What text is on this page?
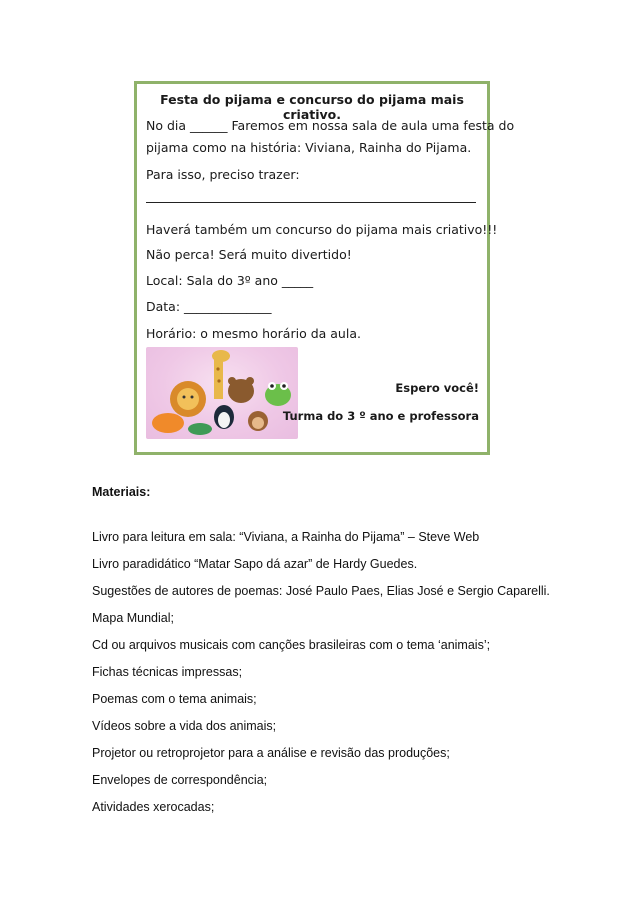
Festa do pijama e concurso do pijama mais criativo.
No dia ______ Faremos em nossa sala de aula uma festa do
pijama como na história: Viviana, Rainha do Pijama.
Para isso, preciso trazer:
Haverá também um concurso do pijama mais criativo!!!
Não perca! Será muito divertido!
Local: Sala do 3º ano _____
Data: ______________
Horário: o mesmo horário da aula.
Espero você!
Turma do 3 º ano e professora
Materiais:
Livro para leitura em sala: “Viviana, a Rainha do Pijama” – Steve Web
Livro paradidático “Matar Sapo dá azar” de Hardy Guedes.
Sugestões de autores de poemas: José Paulo Paes, Elias José e Sergio Caparelli.
Mapa Mundial;
Cd ou arquivos musicais com canções brasileiras com o tema ‘animais’;
Fichas técnicas impressas;
Poemas com o tema animais;
Vídeos sobre a vida dos animais;
Projetor ou retroprojetor para a análise e revisão das produções;
Envelopes de correspondência;
Atividades xerocadas;
